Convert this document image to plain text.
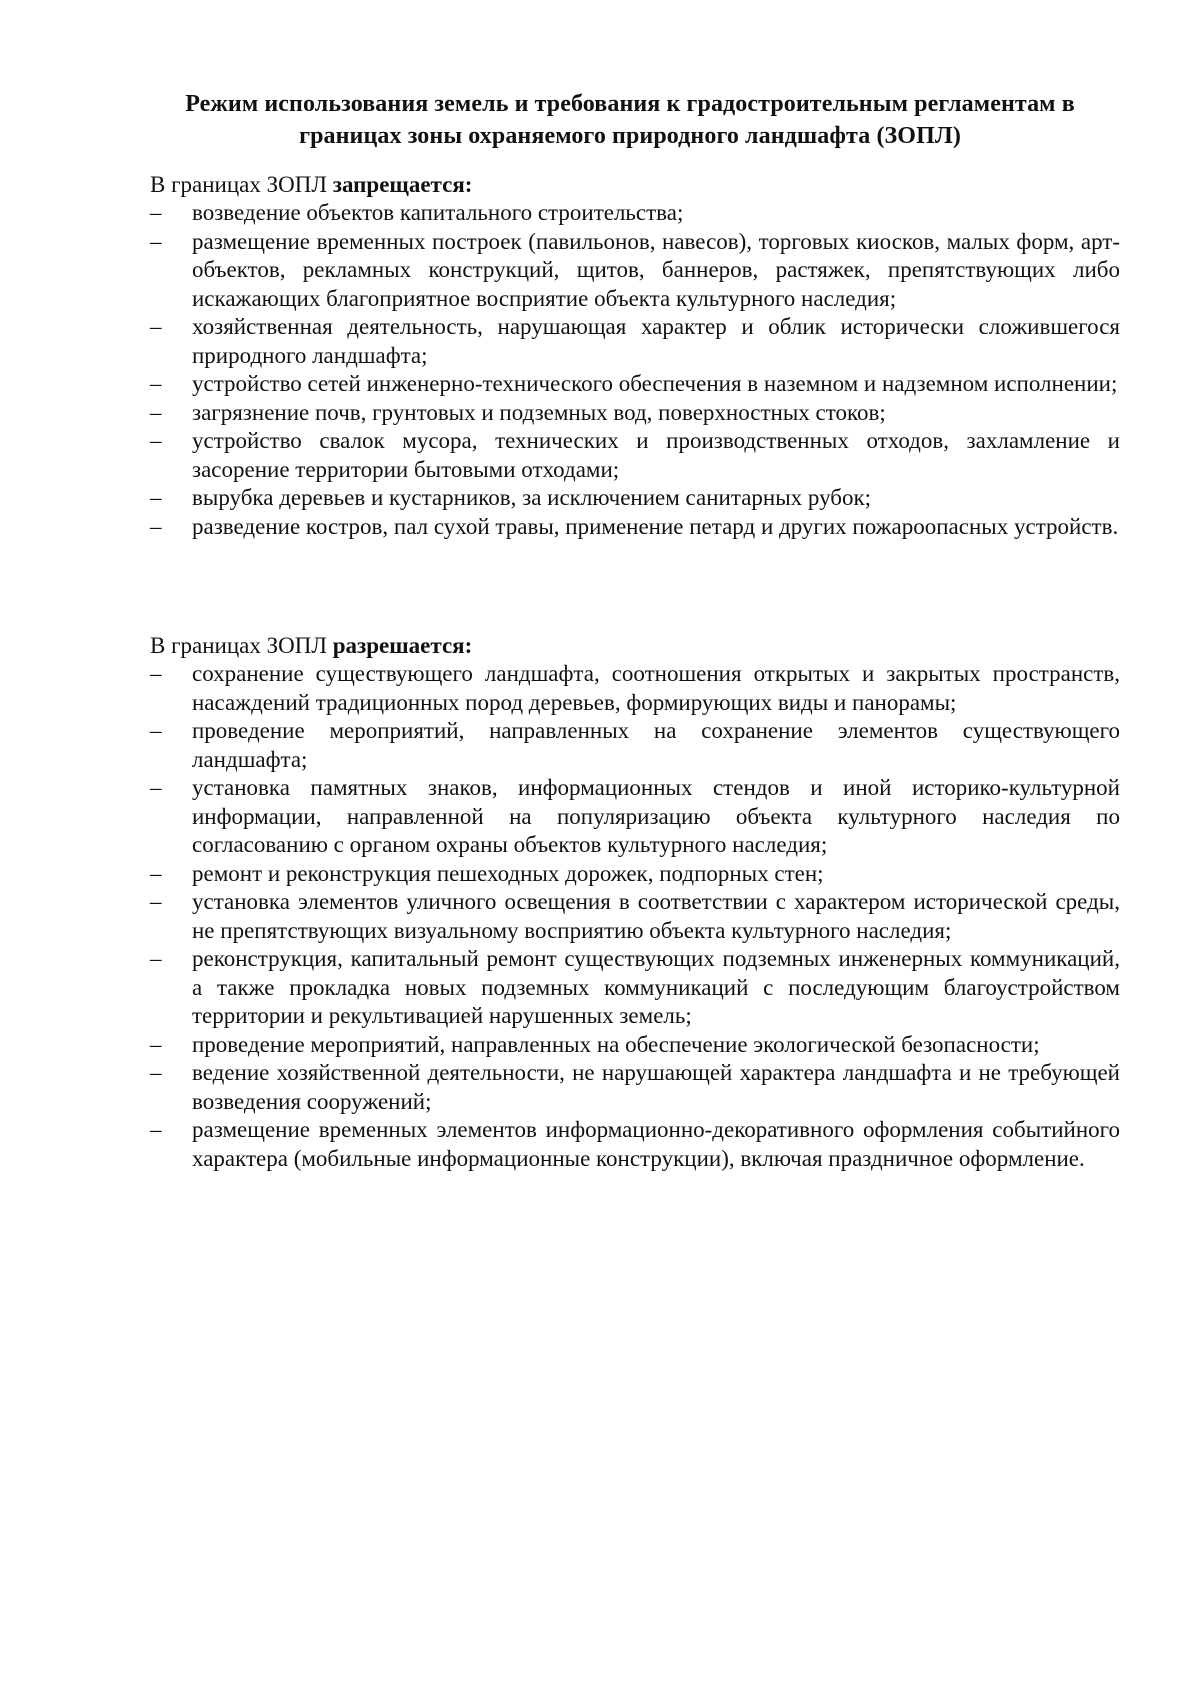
Режим использования земель и требования к градостроительным регламентам в
границах зоны охраняемого природного ландшафта (ЗОПЛ)
В границах ЗОПЛ запрещается:
–	возведение объектов капитального строительства;
–	размещение временных построек (павильонов, навесов), торговых киосков, малых форм, арт-объектов, рекламных конструкций, щитов, баннеров, растяжек, препятствующих либо искажающих благоприятное восприятие объекта культурного наследия;
–	хозяйственная деятельность, нарушающая характер и облик исторически сложившегося природного ландшафта;
–	устройство сетей инженерно-технического обеспечения в наземном и надземном исполнении;
–	загрязнение почв, грунтовых и подземных вод, поверхностных стоков;
–	устройство свалок мусора, технических и производственных отходов, захламление и засорение территории бытовыми отходами;
–	вырубка деревьев и кустарников, за исключением санитарных рубок;
–	разведение костров, пал сухой травы, применение петард и других пожароопасных устройств.
В границах ЗОПЛ разрешается:
–	сохранение существующего ландшафта, соотношения открытых и закрытых пространств, насаждений традиционных пород деревьев, формирующих виды и панорамы;
–	проведение мероприятий, направленных на сохранение элементов существующего ландшафта;
–	установка памятных знаков, информационных стендов и иной историко-культурной информации, направленной на популяризацию объекта культурного наследия по согласованию с органом охраны объектов культурного наследия;
–	ремонт и реконструкция пешеходных дорожек, подпорных стен;
–	установка элементов уличного освещения в соответствии с характером исторической среды, не препятствующих визуальному восприятию объекта культурного наследия;
–	реконструкция, капитальный ремонт существующих подземных инженерных коммуникаций, а также прокладка новых подземных коммуникаций с последующим благоустройством территории и рекультивацией нарушенных земель;
–	проведение мероприятий, направленных на обеспечение экологической безопасности;
–	ведение хозяйственной деятельности, не нарушающей характера ландшафта и не требующей возведения сооружений;
–	размещение временных элементов информационно-декоративного оформления событийного характера (мобильные информационные конструкции), включая праздничное оформление.
